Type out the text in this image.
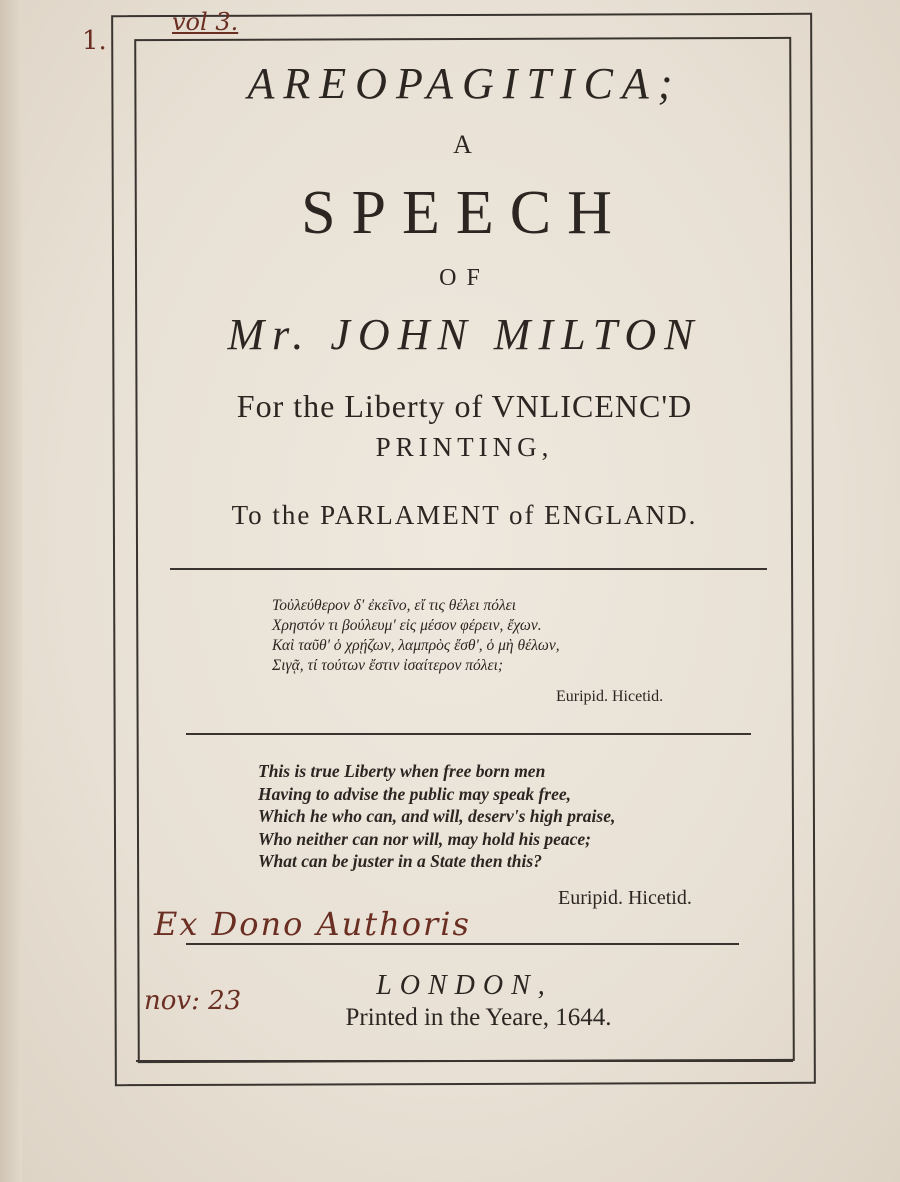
1.
vol 3.
AREOPAGITICA;
A
SPEECH
OF
Mr. JOHN MILTON
For the Liberty of VNLICENC'D
PRINTING,
To the PARLAMENT of ENGLAND.
Τοὐλεύθερον δ' ἐκεῖνο, εἴ τις θέλει πόλει
Χρηστόν τι βούλευμ' εἰς μέσον φέρειν, ἔχων.
Καὶ ταῦθ' ὁ χρῄζων, λαμπρὸς ἔσθ', ὁ μὴ θέλων,
Σιγᾷ, τί τούτων ἔστιν ἰσαίτερον πόλει;
Euripid. Hicetid.
This is true Liberty when free born men
Having to advise the public may speak free,
Which he who can, and will, deserv's high praise,
Who neither can nor will, may hold his peace;
What can be juster in a State then this?
Euripid. Hicetid.
Ex Dono Authoris
LONDON,
Printed in the Yeare, 1644.
nov: 23
